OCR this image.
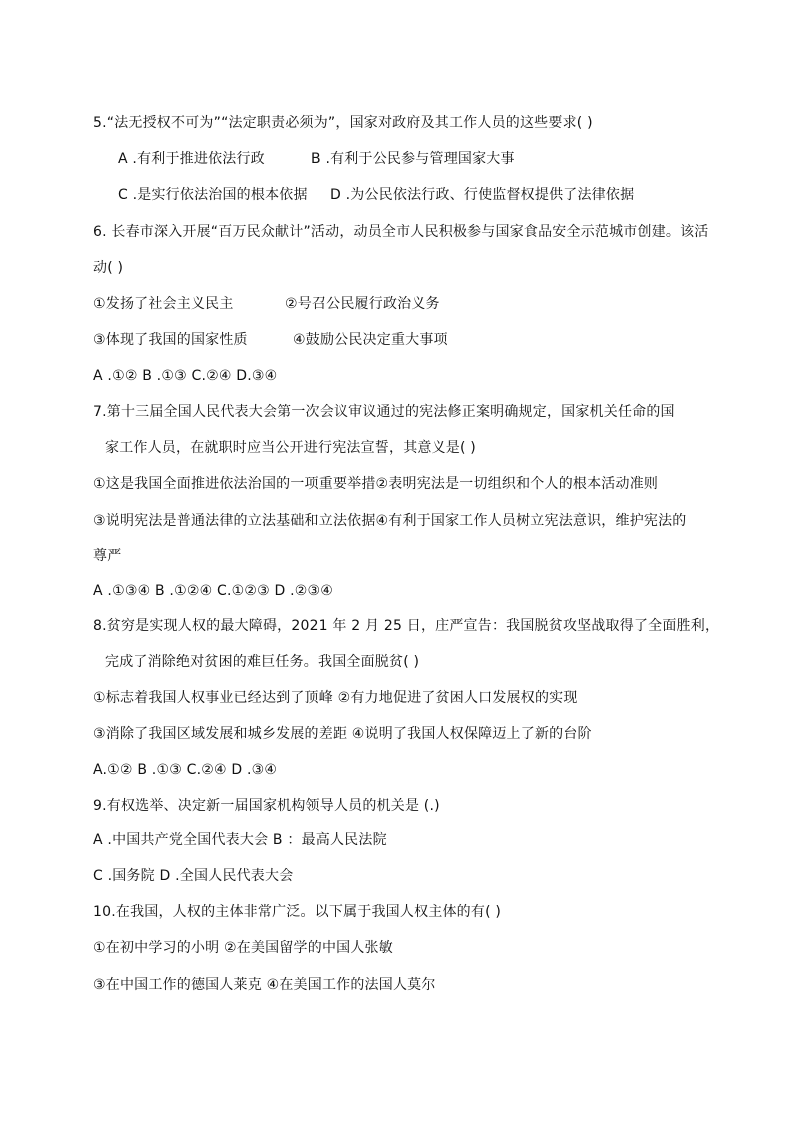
5.“法无授权不可为”“法定职责必须为”，国家对政府及其工作人员的这些要求( )
A .有利于推进依法行政	B .有利于公民参与管理国家大事
C .是实行依法治国的根本依据 D .为公民依法行政、行使监督权提供了法律依据
6. 长春市深入开展“百万民众献计”活动，动员全市人民积极参与国家食品安全示范城市创建。该活
动( )
①发扬了社会主义民主	②号召公民履行政治义务
③体现了我国的国家性质	④鼓励公民决定重大事项
A .①② B .①③ C.②④ D.③④
7.第十三届全国人民代表大会第一次会议审议通过的宪法修正案明确规定，国家机关任命的国
家工作人员，在就职时应当公开进行宪法宣誓，其意义是( )
①这是我国全面推进依法治国的一项重要举措②表明宪法是一切组织和个人的根本活动准则
③说明宪法是普通法律的立法基础和立法依据④有利于国家工作人员树立宪法意识，维护宪法的
尊严
A .①③④ B .①②④ C.①②③ D .②③④
8.贫穷是实现人权的最大障碍，2021 年 2 月 25 日，庄严宣告：我国脱贫攻坚战取得了全面胜利，
完成了消除绝对贫困的难巨任务。我国全面脱贫( )
①标志着我国人权事业已经达到了顶峰 ②有力地促进了贫困人口发展权的实现
③消除了我国区域发展和城乡发展的差距 ④说明了我国人权保障迈上了新的台阶
A.①② B .①③ C.②④ D .③④
9.有权选举、决定新一届国家机构领导人员的机关是 (.)
A .中国共产党全国代表大会 B ：最高人民法院
C .国务院 D .全国人民代表大会
10.在我国，人权的主体非常广泛。以下属于我国人权主体的有( )
①在初中学习的小明 ②在美国留学的中国人张敏
③在中国工作的德国人莱克 ④在美国工作的法国人莫尔
